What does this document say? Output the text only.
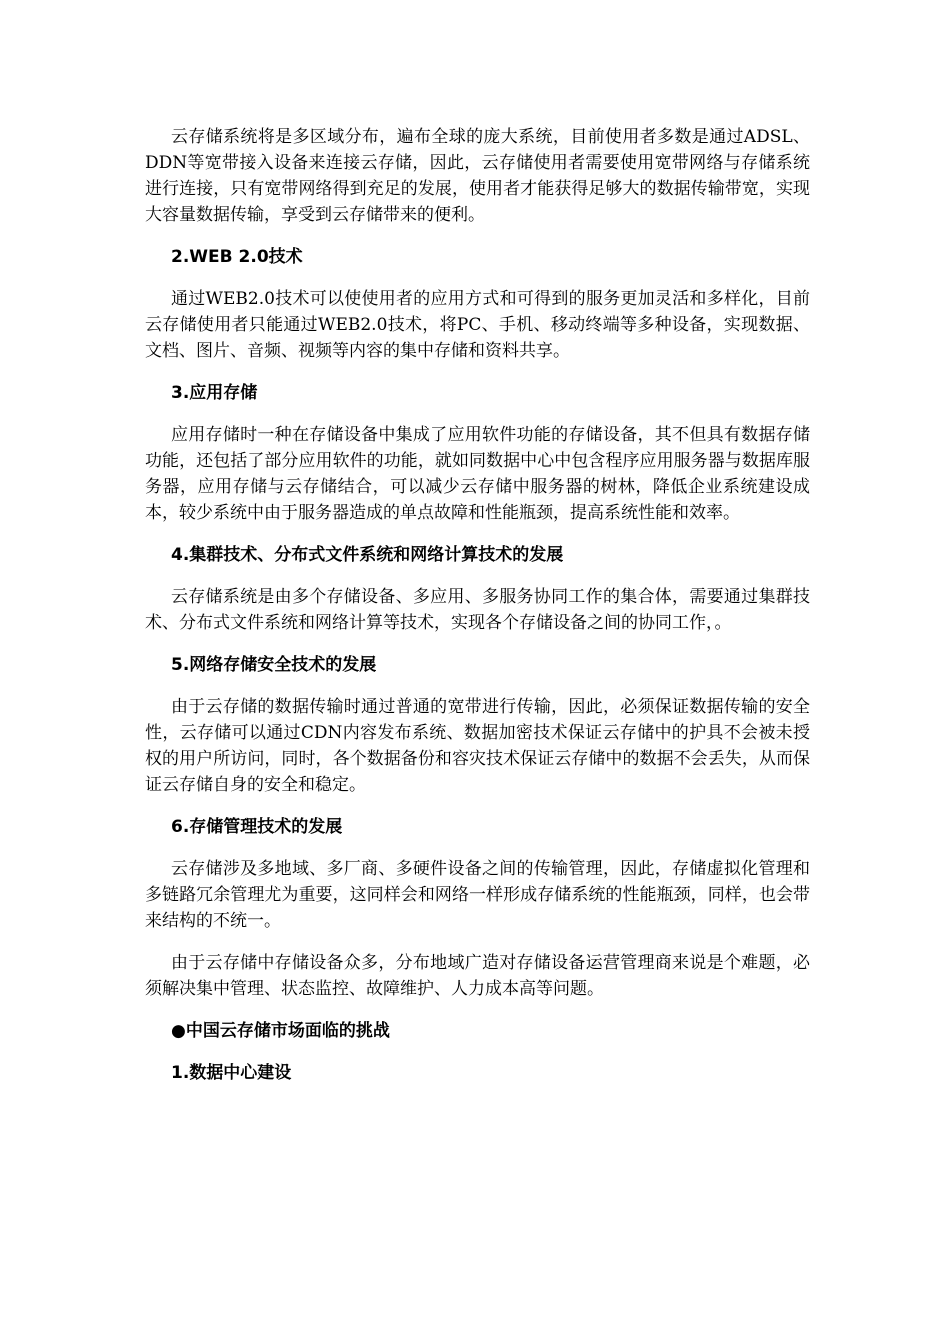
云存储系统将是多区域分布，遍布全球的庞大系统，目前使用者多数是通过ADSL、DDN等宽带接入设备来连接云存储，因此，云存储使用者需要使用宽带网络与存储系统进行连接，只有宽带网络得到充足的发展，使用者才能获得足够大的数据传输带宽，实现大容量数据传输，享受到云存储带来的便利。

2.WEB 2.0技术

通过WEB2.0技术可以使使用者的应用方式和可得到的服务更加灵活和多样化，目前云存储使用者只能通过WEB2.0技术，将PC、手机、移动终端等多种设备，实现数据、文档、图片、音频、视频等内容的集中存储和资料共享。

3.应用存储

应用存储时一种在存储设备中集成了应用软件功能的存储设备，其不但具有数据存储功能，还包括了部分应用软件的功能，就如同数据中心中包含程序应用服务器与数据库服务器，应用存储与云存储结合，可以减少云存储中服务器的树林，降低企业系统建设成本，较少系统中由于服务器造成的单点故障和性能瓶颈，提高系统性能和效率。

4.集群技术、分布式文件系统和网络计算技术的发展

云存储系统是由多个存储设备、多应用、多服务协同工作的集合体，需要通过集群技术、分布式文件系统和网络计算等技术，实现各个存储设备之间的协同工作，。

5.网络存储安全技术的发展

由于云存储的数据传输时通过普通的宽带进行传输，因此，必须保证数据传输的安全性，云存储可以通过CDN内容发布系统、数据加密技术保证云存储中的护具不会被未授权的用户所访问，同时，各个数据备份和容灾技术保证云存储中的数据不会丢失，从而保证云存储自身的安全和稳定。

6.存储管理技术的发展

云存储涉及多地域、多厂商、多硬件设备之间的传输管理，因此，存储虚拟化管理和多链路冗余管理尤为重要，这同样会和网络一样形成存储系统的性能瓶颈，同样，也会带来结构的不统一。

由于云存储中存储设备众多，分布地域广造对存储设备运营管理商来说是个难题，必须解决集中管理、状态监控、故障维护、人力成本高等问题。

●中国云存储市场面临的挑战

1.数据中心建设
